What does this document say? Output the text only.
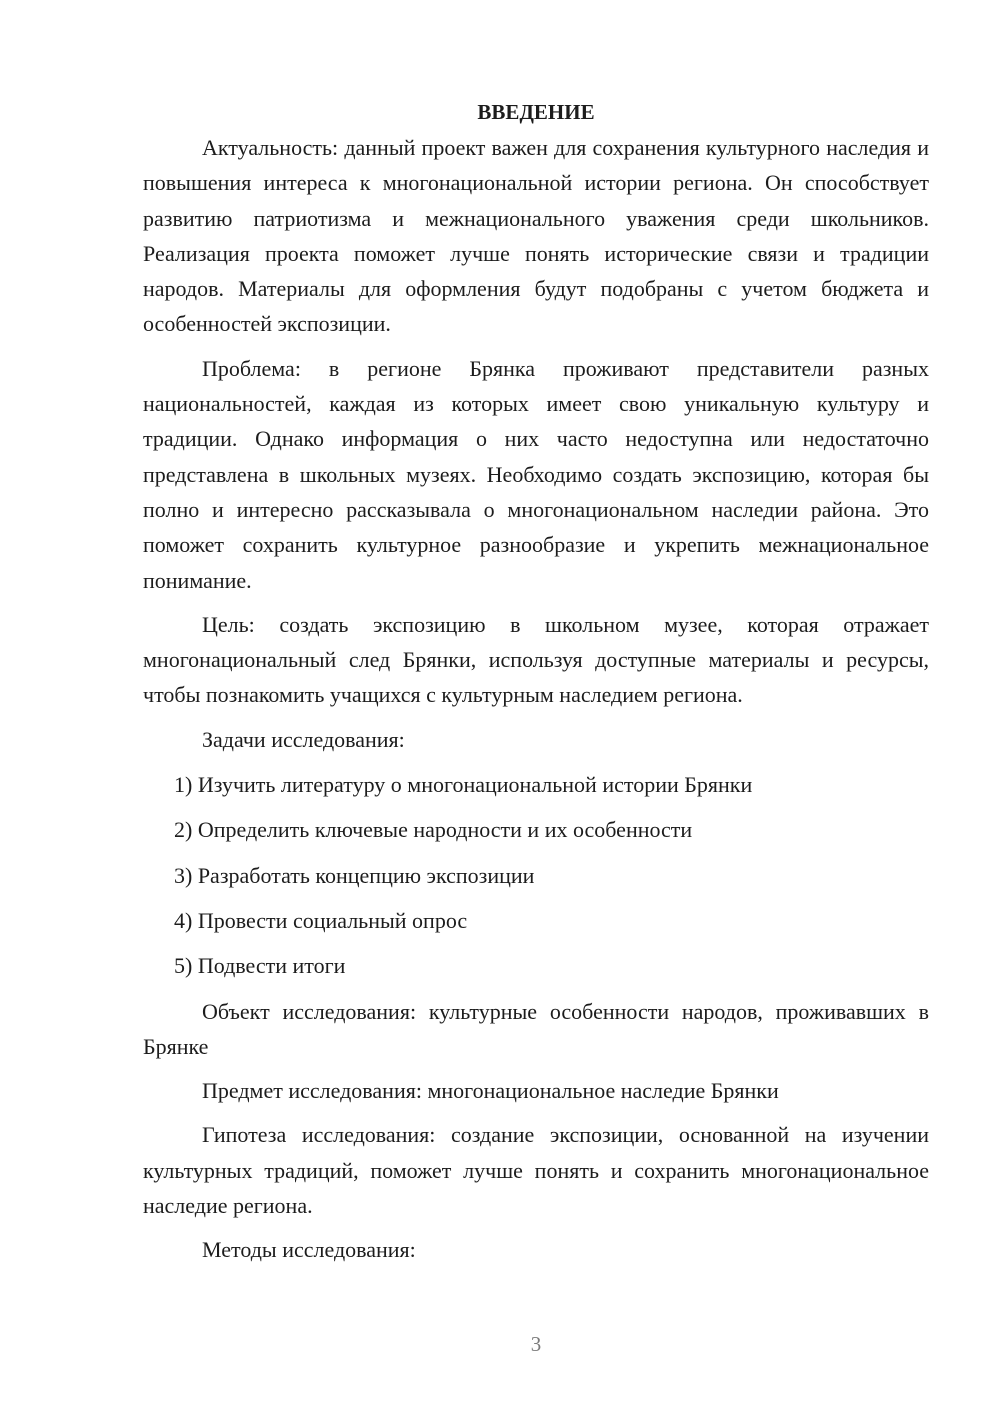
ВВЕДЕНИЕ

Актуальность: данный проект важен для сохранения культурного наследия и повышения интереса к многонациональной истории региона. Он способствует развитию патриотизма и межнационального уважения среди школьников. Реализация проекта поможет лучше понять исторические связи и традиции народов. Материалы для оформления будут подобраны с учетом бюджета и особенностей экспозиции.

Проблема: в регионе Брянка проживают представители разных национальностей, каждая из которых имеет свою уникальную культуру и традиции. Однако информация о них часто недоступна или недостаточно представлена в школьных музеях. Необходимо создать экспозицию, которая бы полно и интересно рассказывала о многонациональном наследии района. Это поможет сохранить культурное разнообразие и укрепить межнациональное понимание.

Цель: создать экспозицию в школьном музее, которая отражает многонациональный след Брянки, используя доступные материалы и ресурсы, чтобы познакомить учащихся с культурным наследием региона.

Задачи исследования:

1) Изучить литературу о многонациональной истории Брянки

2) Определить ключевые народности и их особенности

3) Разработать концепцию экспозиции

4) Провести социальный опрос

5) Подвести итоги

Объект исследования: культурные особенности народов, проживавших в Брянке

Предмет исследования: многонациональное наследие Брянки

Гипотеза исследования: создание экспозиции, основанной на изучении культурных традиций, поможет лучше понять и сохранить многонациональное наследие региона.

Методы исследования:

3
